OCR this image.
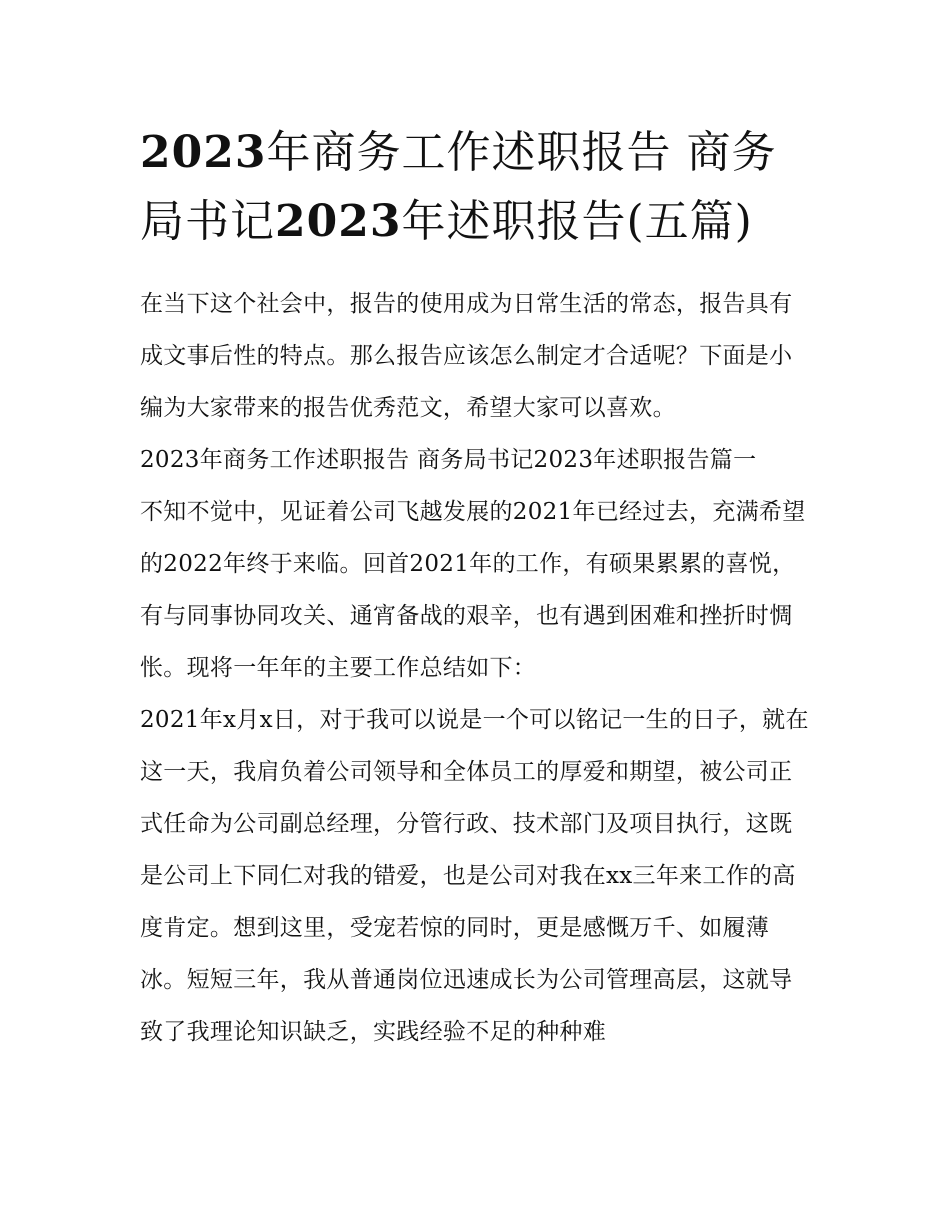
2023年商务工作述职报告 商务局书记2023年述职报告(五篇)

在当下这个社会中，报告的使用成为日常生活的常态，报告具有成文事后性的特点。那么报告应该怎么制定才合适呢？下面是小编为大家带来的报告优秀范文，希望大家可以喜欢。

2023年商务工作述职报告 商务局书记2023年述职报告篇一

不知不觉中，见证着公司飞越发展的2021年已经过去，充满希望的2022年终于来临。回首2021年的工作，有硕果累累的喜悦，有与同事协同攻关、通宵备战的艰辛，也有遇到困难和挫折时惆怅。现将一年年的主要工作总结如下：

2021年x月x日，对于我可以说是一个可以铭记一生的日子，就在这一天，我肩负着公司领导和全体员工的厚爱和期望，被公司正式任命为公司副总经理，分管行政、技术部门及项目执行，这既是公司上下同仁对我的错爱，也是公司对我在xx三年来工作的高度肯定。想到这里，受宠若惊的同时，更是感慨万千、如履薄冰。短短三年，我从普通岗位迅速成长为公司管理高层，这就导致了我理论知识缺乏，实践经验不足的种种难
